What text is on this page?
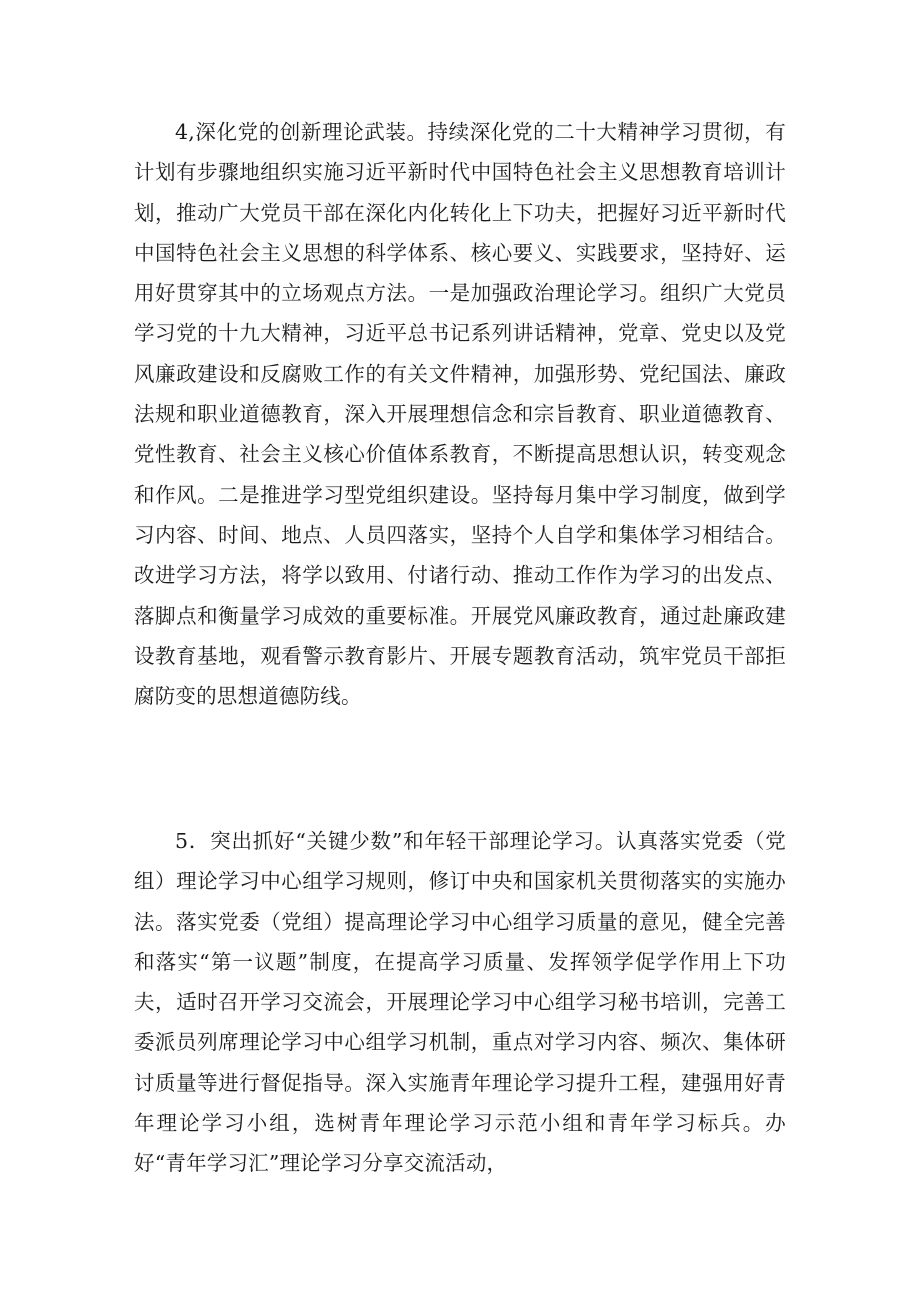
4,深化党的创新理论武装。持续深化党的二十大精神学习贯彻，有计划有步骤地组织实施习近平新时代中国特色社会主义思想教育培训计划，推动广大党员干部在深化内化转化上下功夫，把握好习近平新时代中国特色社会主义思想的科学体系、核心要义、实践要求，坚持好、运用好贯穿其中的立场观点方法。一是加强政治理论学习。组织广大党员学习党的十九大精神，习近平总书记系列讲话精神，党章、党史以及党风廉政建设和反腐败工作的有关文件精神，加强形势、党纪国法、廉政法规和职业道德教育，深入开展理想信念和宗旨教育、职业道德教育、党性教育、社会主义核心价值体系教育，不断提高思想认识，转变观念和作风。二是推进学习型党组织建设。坚持每月集中学习制度，做到学习内容、时间、地点、人员四落实，坚持个人自学和集体学习相结合。改进学习方法，将学以致用、付诸行动、推动工作作为学习的出发点、落脚点和衡量学习成效的重要标准。开展党风廉政教育，通过赴廉政建设教育基地，观看警示教育影片、开展专题教育活动，筑牢党员干部拒腐防变的思想道德防线。

5．突出抓好“关键少数”和年轻干部理论学习。认真落实党委（党组）理论学习中心组学习规则，修订中央和国家机关贯彻落实的实施办法。落实党委（党组）提高理论学习中心组学习质量的意见，健全完善和落实“第一议题”制度，在提高学习质量、发挥领学促学作用上下功夫，适时召开学习交流会，开展理论学习中心组学习秘书培训，完善工委派员列席理论学习中心组学习机制，重点对学习内容、频次、集体研讨质量等进行督促指导。深入实施青年理论学习提升工程，建强用好青年理论学习小组，选树青年理论学习示范小组和青年学习标兵。办好“青年学习汇”理论学习分享交流活动，
